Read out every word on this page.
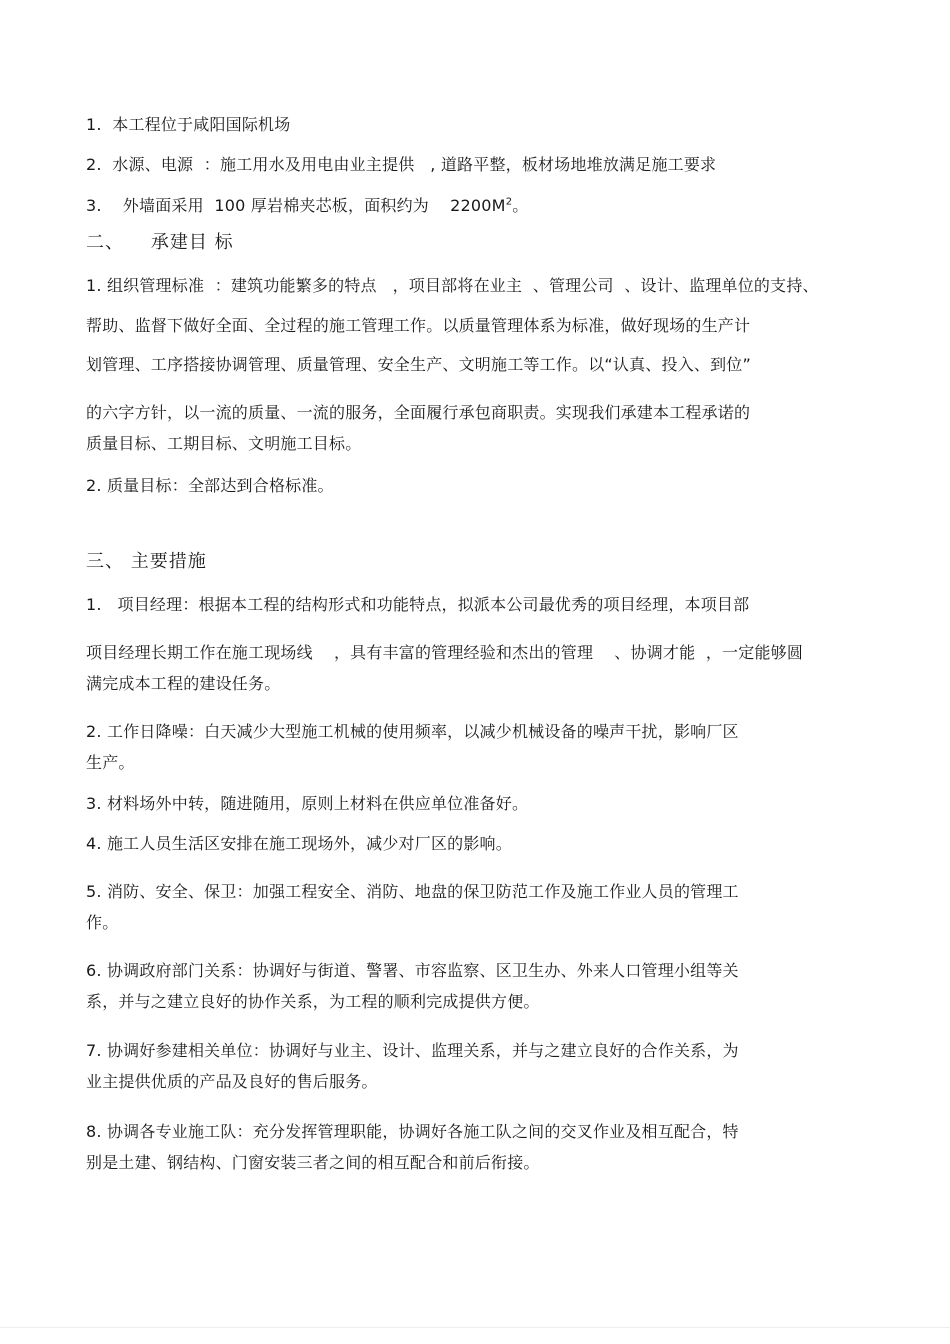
1.  本工程位于咸阳国际机场
2.  水源、电源  ：施工用水及用电由业主提供   , 道路平整，板材场地堆放满足施工要求
3.    外墙面采用  100 厚岩棉夹芯板，面积约为    $2200M^2$。
二、    承建目 标
1. 组织管理标准  ：建筑功能繁多的特点   ，项目部将在业主  、管理公司  、设计、监理单位的支持、
帮助、监督下做好全面、全过程的施工管理工作。以质量管理体系为标准，做好现场的生产计
划管理、工序搭接协调管理、质量管理、安全生产、文明施工等工作。以“认真、投入、到位”
的六字方针，以一流的质量、一流的服务，全面履行承包商职责。实现我们承建本工程承诺的
质量目标、工期目标、文明施工目标。
2. 质量目标：全部达到合格标准。
三、 主要措施
1.   项目经理：根据本工程的结构形式和功能特点，拟派本公司最优秀的项目经理，本项目部
项目经理长期工作在施工现场线    ，具有丰富的管理经验和杰出的管理    、协调才能  ，一定能够圆
满完成本工程的建设任务。
2. 工作日降噪：白天减少大型施工机械的使用频率，以减少机械设备的噪声干扰，影响厂区
生产。
3. 材料场外中转，随进随用，原则上材料在供应单位准备好。
4. 施工人员生活区安排在施工现场外，减少对厂区的影响。
5. 消防、安全、保卫：加强工程安全、消防、地盘的保卫防范工作及施工作业人员的管理工
作。
6. 协调政府部门关系：协调好与街道、警署、市容监察、区卫生办、外来人口管理小组等关
系，并与之建立良好的协作关系，为工程的顺利完成提供方便。
7. 协调好参建相关单位：协调好与业主、设计、监理关系，并与之建立良好的合作关系，为
业主提供优质的产品及良好的售后服务。
8. 协调各专业施工队：充分发挥管理职能，协调好各施工队之间的交叉作业及相互配合，特
别是土建、钢结构、门窗安装三者之间的相互配合和前后衔接。
